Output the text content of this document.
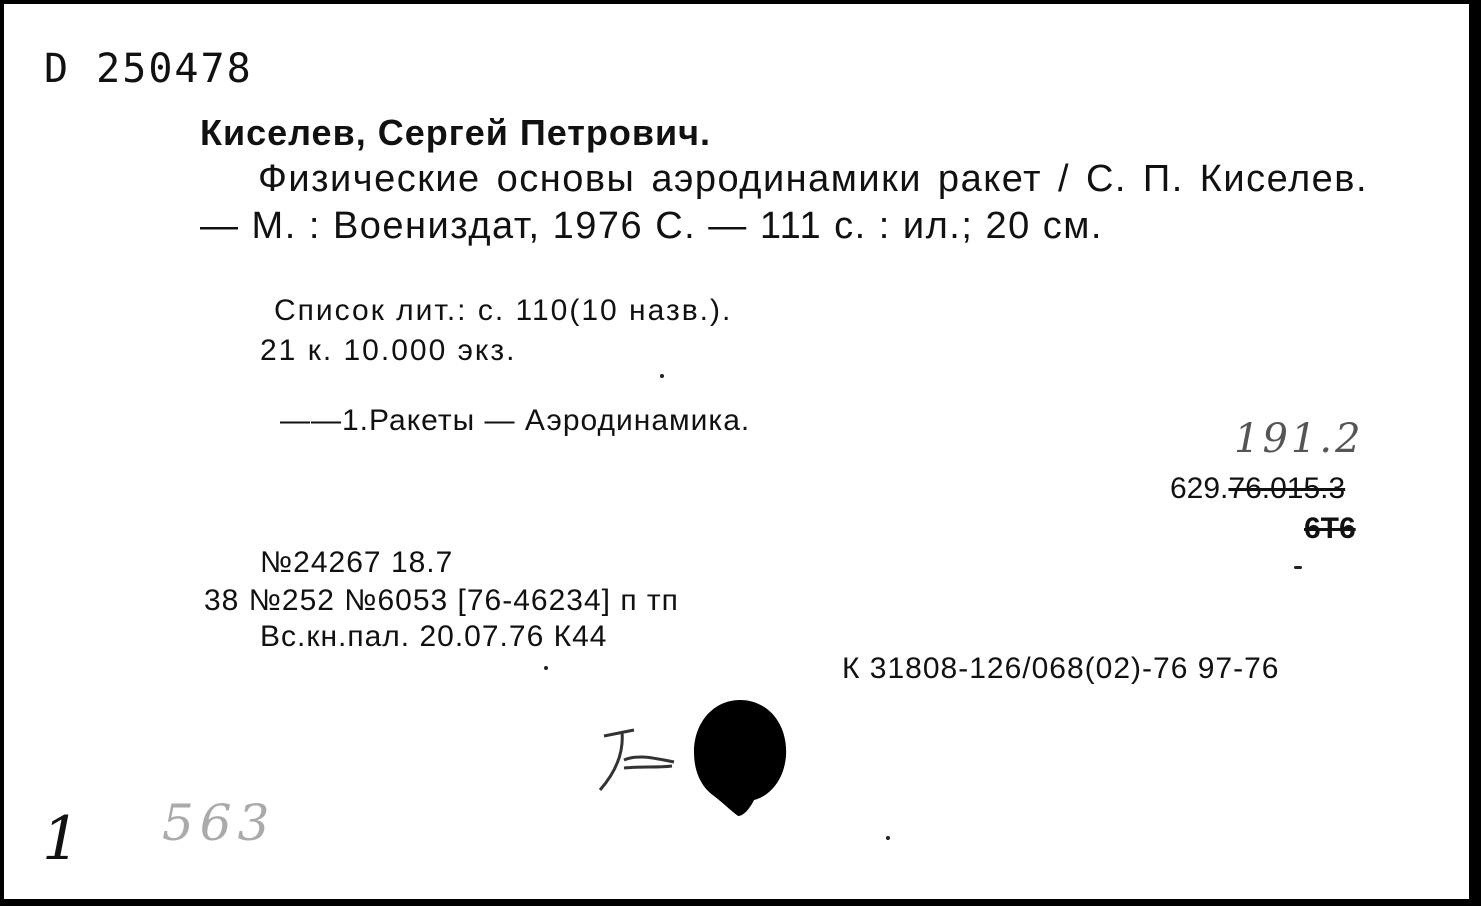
D 250478
Киселев, Сергей Петрович.
Физические основы аэродинамики ракет / С. П. Киселев. — М. : Воениздат, 1976 С. — 111 с. : ил.; 20 см.
Список лит.: с. 110(10 назв.).
21 к. 10.000 экз.
——1.Ракеты — Аэродинамика.	191.2
629.76.015.3
6Т6
№24267 18.7
38 №252 №6053 [76-46234] п тп
Вс.кн.пал. 20.07.76 К44
К 31808-126/068(02)-76 97-76
1 563
